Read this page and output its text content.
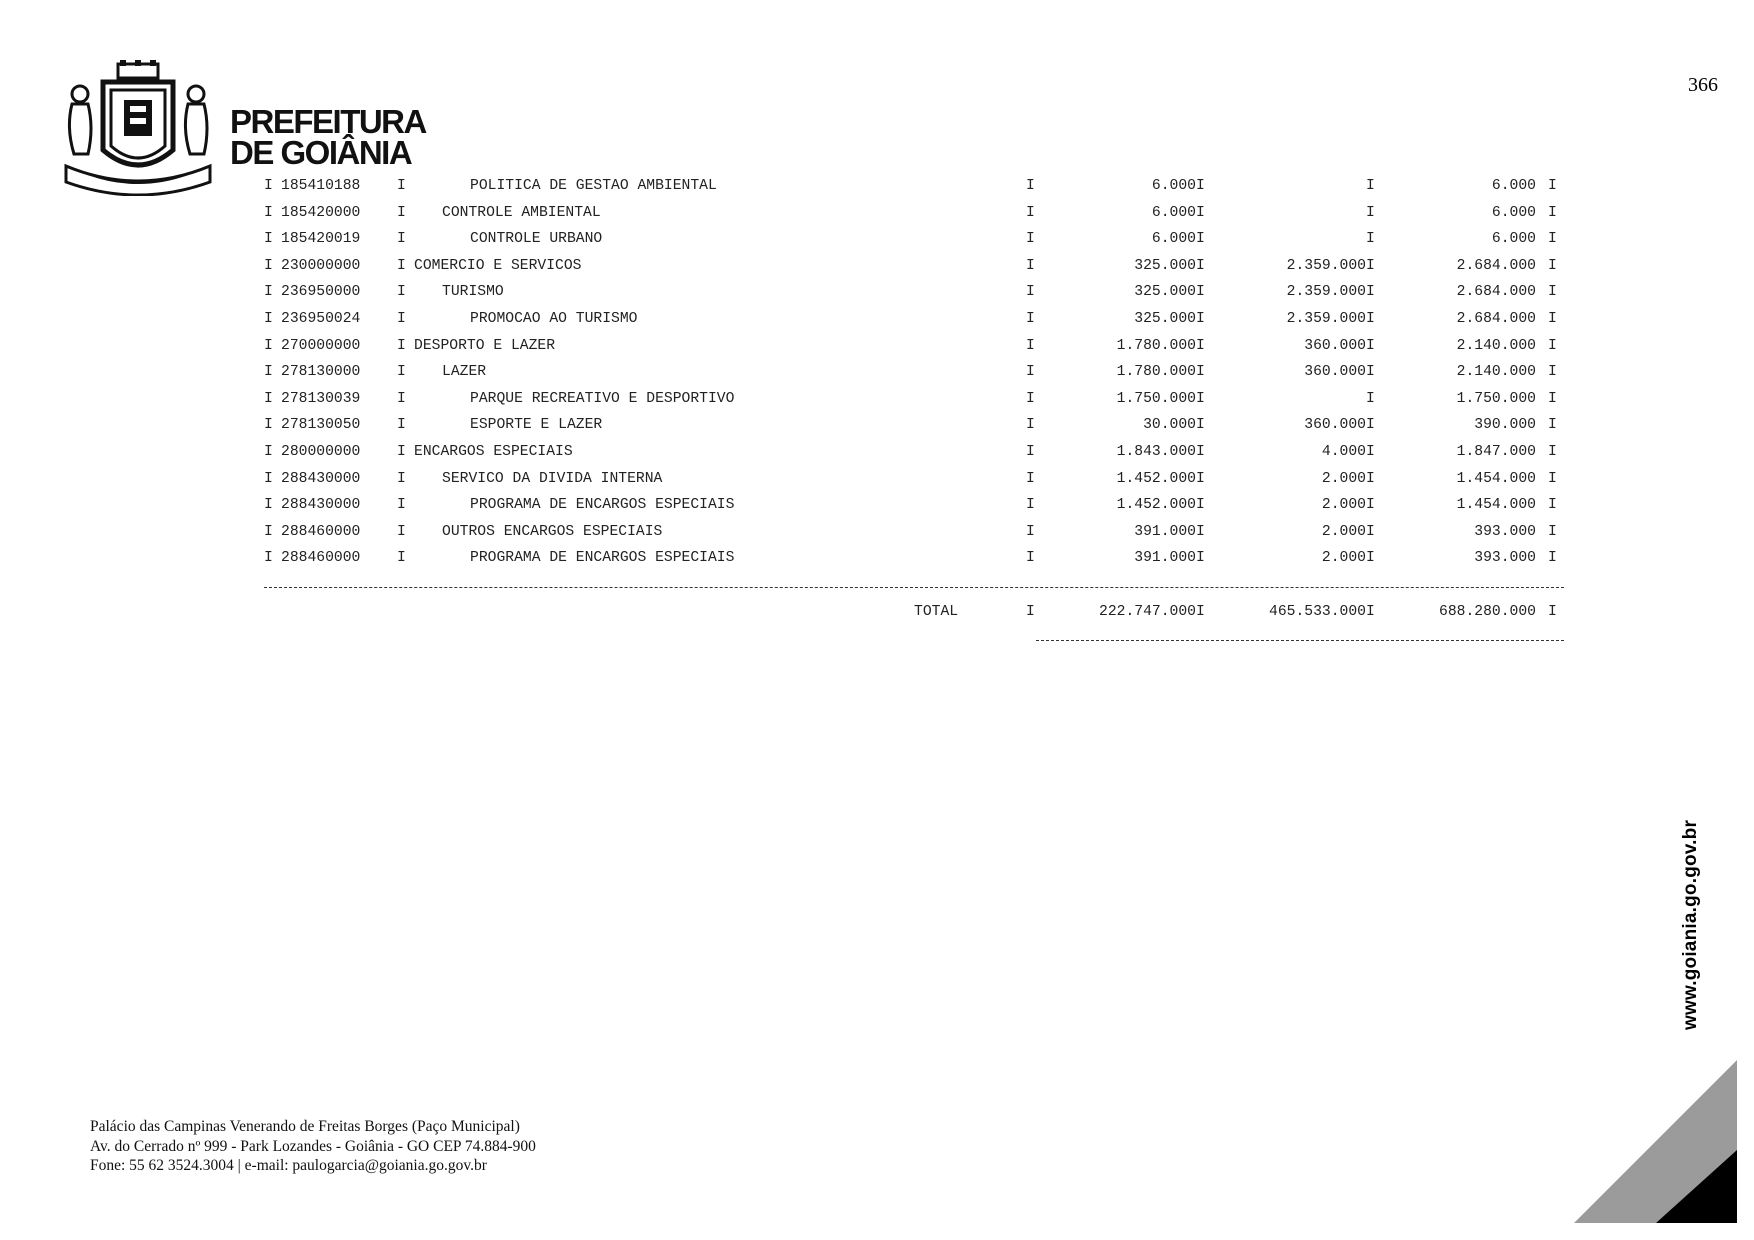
366
PREFEITURA
DE GOIÂNIA
I 185410188 I	POLITICA DE GESTAO AMBIENTAL	I	6.000 I	I	6.000 I
I 185420000 I CONTROLE AMBIENTAL	I	6.000 I	I	6.000 I
I 185420019 I	CONTROLE URBANO	I	6.000 I	I	6.000 I
I 230000000 I COMERCIO E SERVICOS	I	325.000 I	2.359.000 I	2.684.000 I
I 236950000 I TURISMO	I	325.000 I	2.359.000 I	2.684.000 I
I 236950024 I	PROMOCAO AO TURISMO	I	325.000 I	2.359.000 I	2.684.000 I
I 270000000 I DESPORTO E LAZER	I	1.780.000 I	360.000 I	2.140.000 I
I 278130000 I LAZER	I	1.780.000 I	360.000 I	2.140.000 I
I 278130039 I	PARQUE RECREATIVO E DESPORTIVO	I	1.750.000 I	I	1.750.000 I
I 278130050 I	ESPORTE E LAZER	I	30.000 I	360.000 I	390.000 I
I 280000000 I ENCARGOS ESPECIAIS	I	1.843.000 I	4.000 I	1.847.000 I
I 288430000 I SERVICO DA DIVIDA INTERNA	I	1.452.000 I	2.000 I	1.454.000 I
I 288430000 I	PROGRAMA DE ENCARGOS ESPECIAIS	I	1.452.000 I	2.000 I	1.454.000 I
I 288460000 I OUTROS ENCARGOS ESPECIAIS	I	391.000 I	2.000 I	393.000 I
I 288460000 I	PROGRAMA DE ENCARGOS ESPECIAIS	I	391.000 I	2.000 I	393.000 I
TOTAL	I	222.747.000 I	465.533.000 I	688.280.000 I
www.goiania.go.gov.br
Palácio das Campinas Venerando de Freitas Borges (Paço Municipal)
Av. do Cerrado nº 999 - Park Lozandes - Goiânia - GO CEP 74.884-900
Fone: 55 62 3524.3004 | e-mail: paulogarcia@goiania.go.gov.br
